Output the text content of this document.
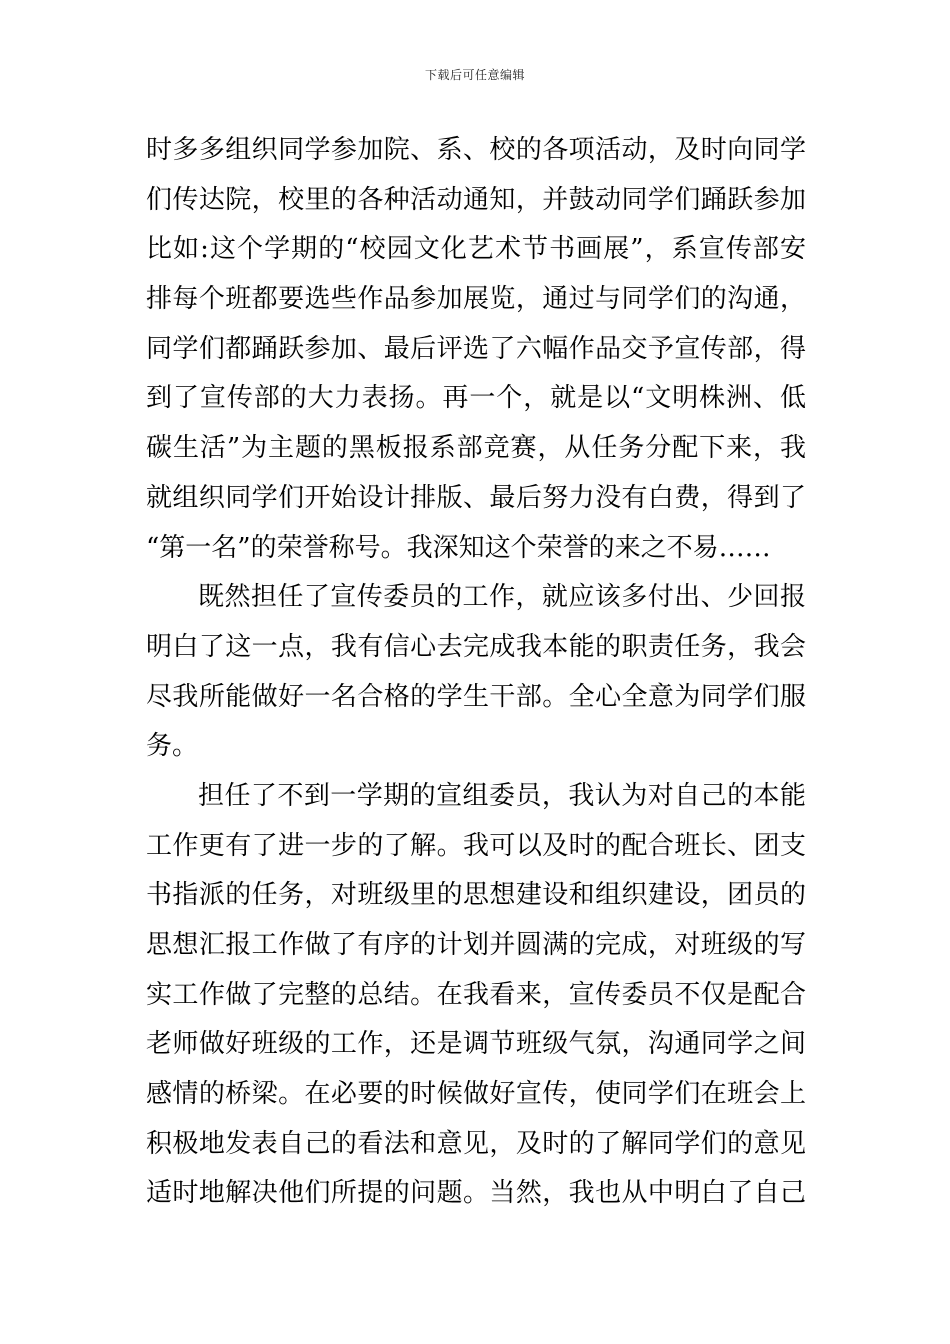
下载后可任意编辑
时多多组织同学参加院、系、校的各项活动，及时向同学
们传达院，校里的各种活动通知，并鼓动同学们踊跃参加
比如:这个学期的“校园文化艺术节书画展”，系宣传部安
排每个班都要选些作品参加展览，通过与同学们的沟通，
同学们都踊跃参加、最后评选了六幅作品交予宣传部，得
到了宣传部的大力表扬。再一个，就是以“文明株洲、低
碳生活”为主题的黑板报系部竞赛，从任务分配下来，我
就组织同学们开始设计排版、最后努力没有白费，得到了
“第一名”的荣誉称号。我深知这个荣誉的来之不易……
既然担任了宣传委员的工作，就应该多付出、少回报
明白了这一点，我有信心去完成我本能的职责任务，我会
尽我所能做好一名合格的学生干部。全心全意为同学们服
务。
担任了不到一学期的宣组委员，我认为对自己的本能
工作更有了进一步的了解。我可以及时的配合班长、团支
书指派的任务，对班级里的思想建设和组织建设，团员的
思想汇报工作做了有序的计划并圆满的完成，对班级的写
实工作做了完整的总结。在我看来，宣传委员不仅是配合
老师做好班级的工作，还是调节班级气氛，沟通同学之间
感情的桥梁。在必要的时候做好宣传，使同学们在班会上
积极地发表自己的看法和意见，及时的了解同学们的意见
适时地解决他们所提的问题。当然，我也从中明白了自己
